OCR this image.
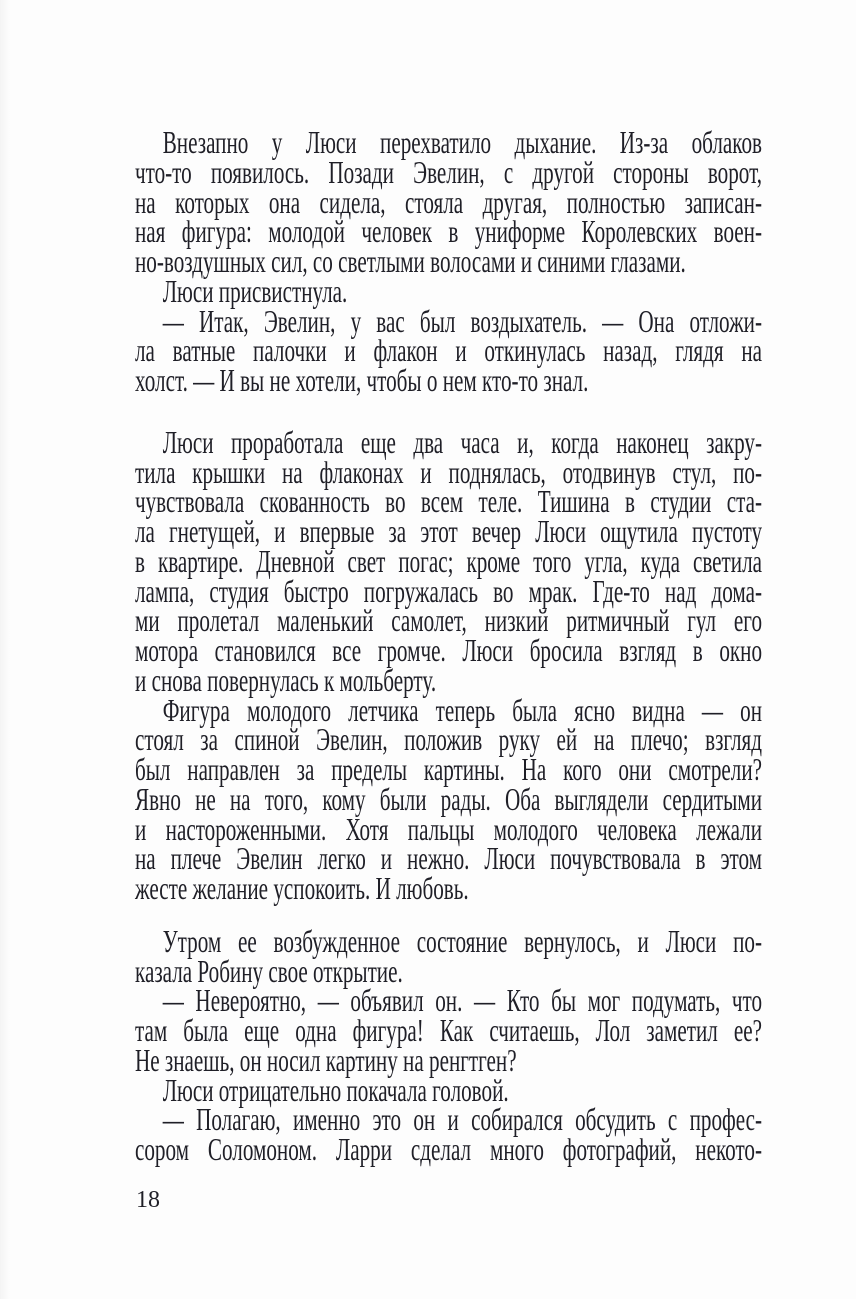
Внезапно у Люси перехватило дыхание. Из-за облаков
что-то появилось. Позади Эвелин, с другой стороны ворот,
на которых она сидела, стояла другая, полностью записан-
ная фигура: молодой человек в униформе Королевских воен-
но-воздушных сил, со светлыми волосами и синими глазами.
Люси присвистнула.
— Итак, Эвелин, у вас был воздыхатель. — Она отложи-
ла ватные палочки и флакон и откинулась назад, глядя на
холст. — И вы не хотели, чтобы о нем кто-то знал.
Люси проработала еще два часа и, когда наконец закру-
тила крышки на флаконах и поднялась, отодвинув стул, по-
чувствовала скованность во всем теле. Тишина в студии ста-
ла гнетущей, и впервые за этот вечер Люси ощутила пустоту
в квартире. Дневной свет погас; кроме того угла, куда светила
лампа, студия быстро погружалась во мрак. Где-то над дома-
ми пролетал маленький самолет, низкий ритмичный гул его
мотора становился все громче. Люси бросила взгляд в окно
и снова повернулась к мольберту.
Фигура молодого летчика теперь была ясно видна — он
стоял за спиной Эвелин, положив руку ей на плечо; взгляд
был направлен за пределы картины. На кого они смотрели?
Явно не на того, кому были рады. Оба выглядели сердитыми
и настороженными. Хотя пальцы молодого человека лежали
на плече Эвелин легко и нежно. Люси почувствовала в этом
жесте желание успокоить. И любовь.
Утром ее возбужденное состояние вернулось, и Люси по-
казала Робину свое открытие.
— Невероятно, — объявил он. — Кто бы мог подумать, что
там была еще одна фигура! Как считаешь, Лол заметил ее?
Не знаешь, он носил картину на ренгтген?
Люси отрицательно покачала головой.
— Полагаю, именно это он и собирался обсудить с профес-
сором Соломоном. Ларри сделал много фотографий, некото-
18
